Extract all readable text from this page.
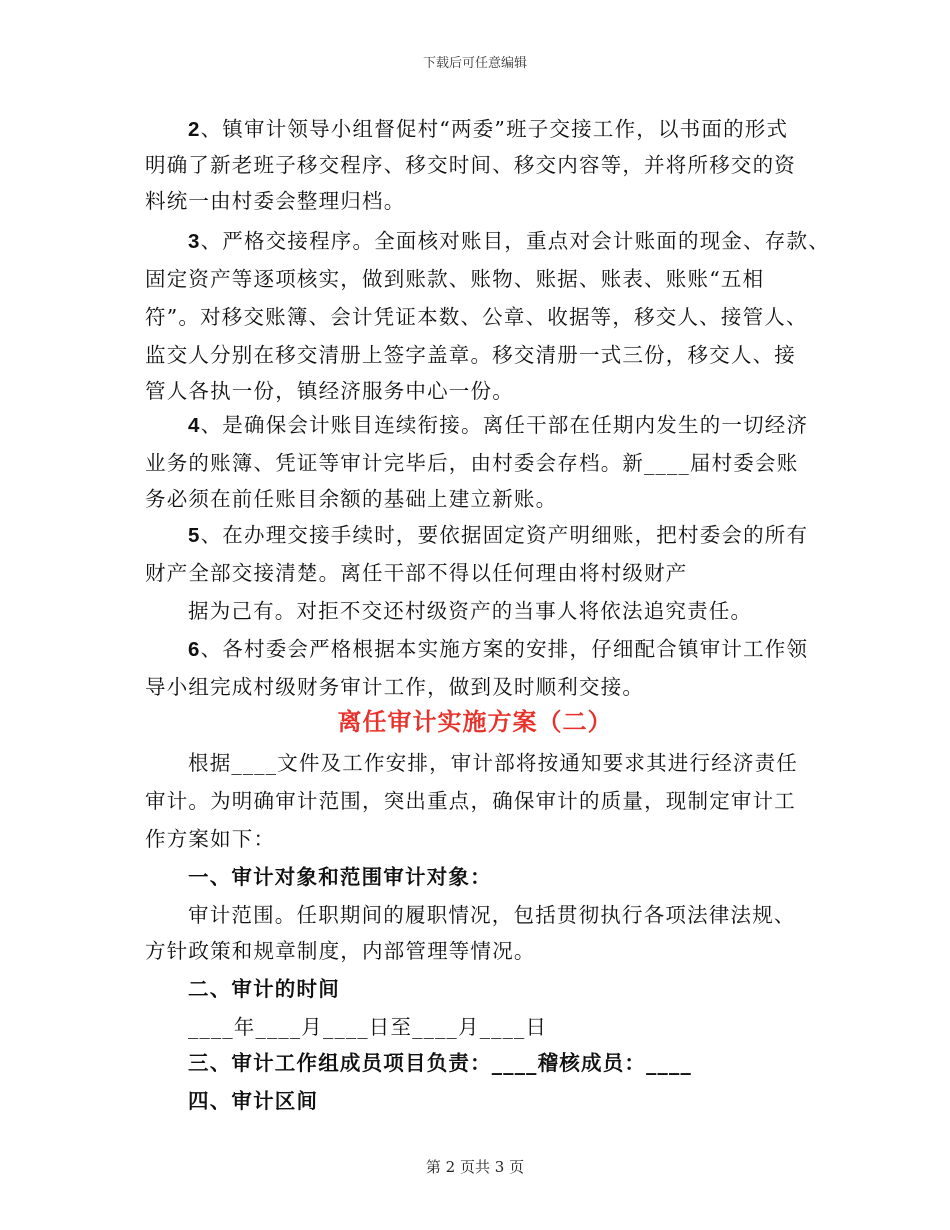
下载后可任意编辑
2、镇审计领导小组督促村“两委”班子交接工作，以书面的形式
明确了新老班子移交程序、移交时间、移交内容等，并将所移交的资
料统一由村委会整理归档。
3、严格交接程序。全面核对账目，重点对会计账面的现金、存款、
固定资产等逐项核实，做到账款、账物、账据、账表、账账“五相
符”。对移交账簿、会计凭证本数、公章、收据等，移交人、接管人、
监交人分别在移交清册上签字盖章。移交清册一式三份，移交人、接
管人各执一份，镇经济服务中心一份。
4、是确保会计账目连续衔接。离任干部在任期内发生的一切经济
业务的账簿、凭证等审计完毕后，由村委会存档。新____届村委会账
务必须在前任账目余额的基础上建立新账。
5、在办理交接手续时，要依据固定资产明细账，把村委会的所有
财产全部交接清楚。离任干部不得以任何理由将村级财产
据为己有。对拒不交还村级资产的当事人将依法追究责任。
6、各村委会严格根据本实施方案的安排，仔细配合镇审计工作领
导小组完成村级财务审计工作，做到及时顺利交接。
离任审计实施方案（二）
根据____文件及工作安排，审计部将按通知要求其进行经济责任
审计。为明确审计范围，突出重点，确保审计的质量，现制定审计工
作方案如下：
一、审计对象和范围审计对象：
审计范围。任职期间的履职情况，包括贯彻执行各项法律法规、
方针政策和规章制度，内部管理等情况。
二、审计的时间
____年____月____日至____月____日
三、审计工作组成员项目负责：____稽核成员：____
四、审计区间
第 2 页共 3 页
